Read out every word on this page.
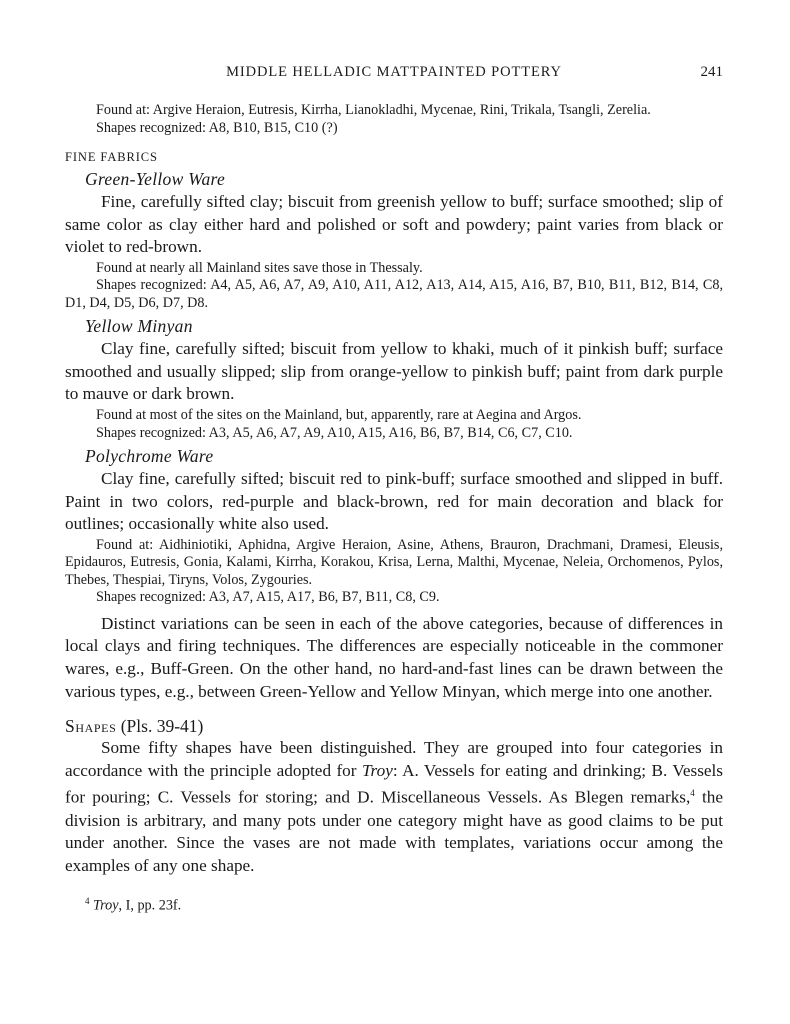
MIDDLE HELLADIC MATTPAINTED POTTERY	241

Found at: Argive Heraion, Eutresis, Kirrha, Lianokladhi, Mycenae, Rini, Trikala, Tsangli, Zerelia.

Shapes recognized: A8, B10, B15, C10 (?)

FINE FABRICS
Green-Yellow Ware

Fine, carefully sifted clay; biscuit from greenish yellow to buff; surface smoothed; slip of same color as clay either hard and polished or soft and powdery; paint varies from black or violet to red-brown.

Found at nearly all Mainland sites save those in Thessaly.

Shapes recognized: A4, A5, A6, A7, A9, A10, A11, A12, A13, A14, A15, A16, B7, B10, B11, B12, B14, C8, D1, D4, D5, D6, D7, D8.

Yellow Minyan

Clay fine, carefully sifted; biscuit from yellow to khaki, much of it pinkish buff; surface smoothed and usually slipped; slip from orange-yellow to pinkish buff; paint from dark purple to mauve or dark brown.

Found at most of the sites on the Mainland, but, apparently, rare at Aegina and Argos.

Shapes recognized: A3, A5, A6, A7, A9, A10, A15, A16, B6, B7, B14, C6, C7, C10.

Polychrome Ware

Clay fine, carefully sifted; biscuit red to pink-buff; surface smoothed and slipped in buff. Paint in two colors, red-purple and black-brown, red for main decoration and black for outlines; occasionally white also used.

Found at: Aidhiniotiki, Aphidna, Argive Heraion, Asine, Athens, Brauron, Drachmani, Dramesi, Eleusis, Epidauros, Eutresis, Gonia, Kalami, Kirrha, Korakou, Krisa, Lerna, Malthi, Mycenae, Neleia, Orchomenos, Pylos, Thebes, Thespiai, Tiryns, Volos, Zygouries.

Shapes recognized: A3, A7, A15, A17, B6, B7, B11, C8, C9.

Distinct variations can be seen in each of the above categories, because of differences in local clays and firing techniques. The differences are especially noticeable in the commoner wares, e.g., Buff-Green. On the other hand, no hard-and-fast lines can be drawn between the various types, e.g., between Green-Yellow and Yellow Minyan, which merge into one another.

Shapes (Pls. 39-41)

Some fifty shapes have been distinguished. They are grouped into four categories in accordance with the principle adopted for Troy: A. Vessels for eating and drinking; B. Vessels for pouring; C. Vessels for storing; and D. Miscellaneous Vessels. As Blegen remarks,$^4$ the division is arbitrary, and many pots under one category might have as good claims to be put under another. Since the vases are not made with templates, variations occur among the examples of any one shape.

$^4$ Troy, I, pp. 23f.
